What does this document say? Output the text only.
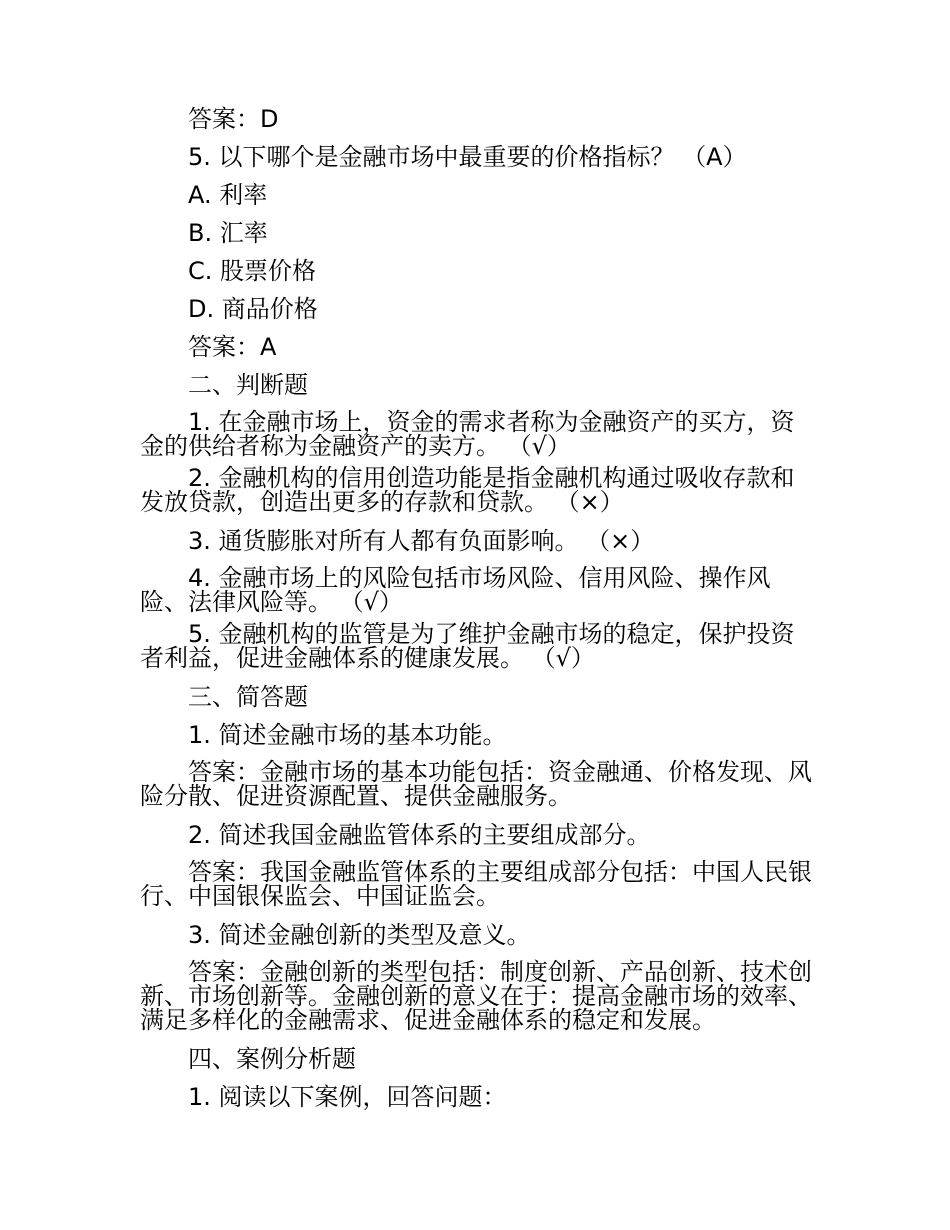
答案：D
5. 以下哪个是金融市场中最重要的价格指标？ （A）
A. 利率
B. 汇率
C. 股票价格
D. 商品价格
答案：A
二、判断题
1. 在金融市场上，资金的需求者称为金融资产的买方，资金的供给者称为金融资产的卖方。 （√）
2. 金融机构的信用创造功能是指金融机构通过吸收存款和发放贷款，创造出更多的存款和贷款。 （×）
3. 通货膨胀对所有人都有负面影响。 （×）
4. 金融市场上的风险包括市场风险、信用风险、操作风险、法律风险等。 （√）
5. 金融机构的监管是为了维护金融市场的稳定，保护投资者利益，促进金融体系的健康发展。 （√）
三、简答题
1. 简述金融市场的基本功能。
答案：金融市场的基本功能包括：资金融通、价格发现、风险分散、促进资源配置、提供金融服务。
2. 简述我国金融监管体系的主要组成部分。
答案：我国金融监管体系的主要组成部分包括：中国人民银行、中国银保监会、中国证监会。
3. 简述金融创新的类型及意义。
答案：金融创新的类型包括：制度创新、产品创新、技术创新、市场创新等。金融创新的意义在于：提高金融市场的效率、满足多样化的金融需求、促进金融体系的稳定和发展。
四、案例分析题
1. 阅读以下案例，回答问题：
